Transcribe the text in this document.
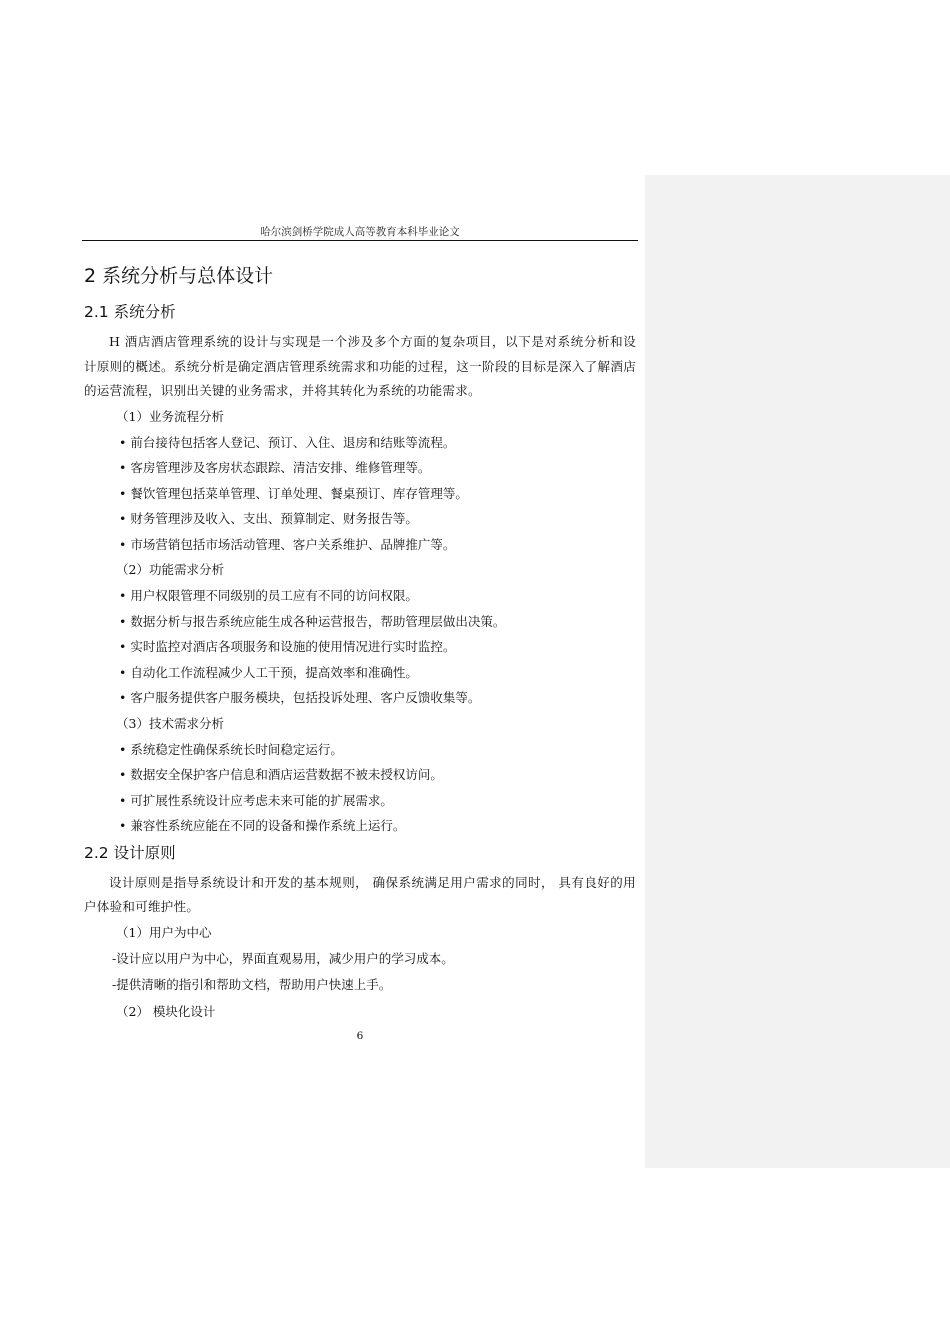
哈尔滨剑桥学院成人高等教育本科毕业论文
2 系统分析与总体设计
2.1 系统分析

H 酒店酒店管理系统的设计与实现是一个涉及多个方面的复杂项目，以下是对系统分析和设计原则的概述。系统分析是确定酒店管理系统需求和功能的过程，这一阶段的目标是深入了解酒店的运营流程，识别出关键的业务需求，并将其转化为系统的功能需求。

（1）业务流程分析

• 前台接待包括客人登记、预订、入住、退房和结账等流程。

• 客房管理涉及客房状态跟踪、清洁安排、维修管理等。

• 餐饮管理包括菜单管理、订单处理、餐桌预订、库存管理等。

• 财务管理涉及收入、支出、预算制定、财务报告等。

• 市场营销包括市场活动管理、客户关系维护、品牌推广等。

（2）功能需求分析

• 用户权限管理不同级别的员工应有不同的访问权限。

• 数据分析与报告系统应能生成各种运营报告，帮助管理层做出决策。

• 实时监控对酒店各项服务和设施的使用情况进行实时监控。

• 自动化工作流程减少人工干预，提高效率和准确性。

• 客户服务提供客户服务模块，包括投诉处理、客户反馈收集等。

（3）技术需求分析

• 系统稳定性确保系统长时间稳定运行。

• 数据安全保护客户信息和酒店运营数据不被未授权访问。

• 可扩展性系统设计应考虑未来可能的扩展需求。

• 兼容性系统应能在不同的设备和操作系统上运行。

2.2 设计原则

设计原则是指导系统设计和开发的基本规则， 确保系统满足用户需求的同时， 具有良好的用户体验和可维护性。

（1）用户为中心

-设计应以用户为中心，界面直观易用，减少用户的学习成本。

-提供清晰的指引和帮助文档，帮助用户快速上手。

（2） 模块化设计

6
